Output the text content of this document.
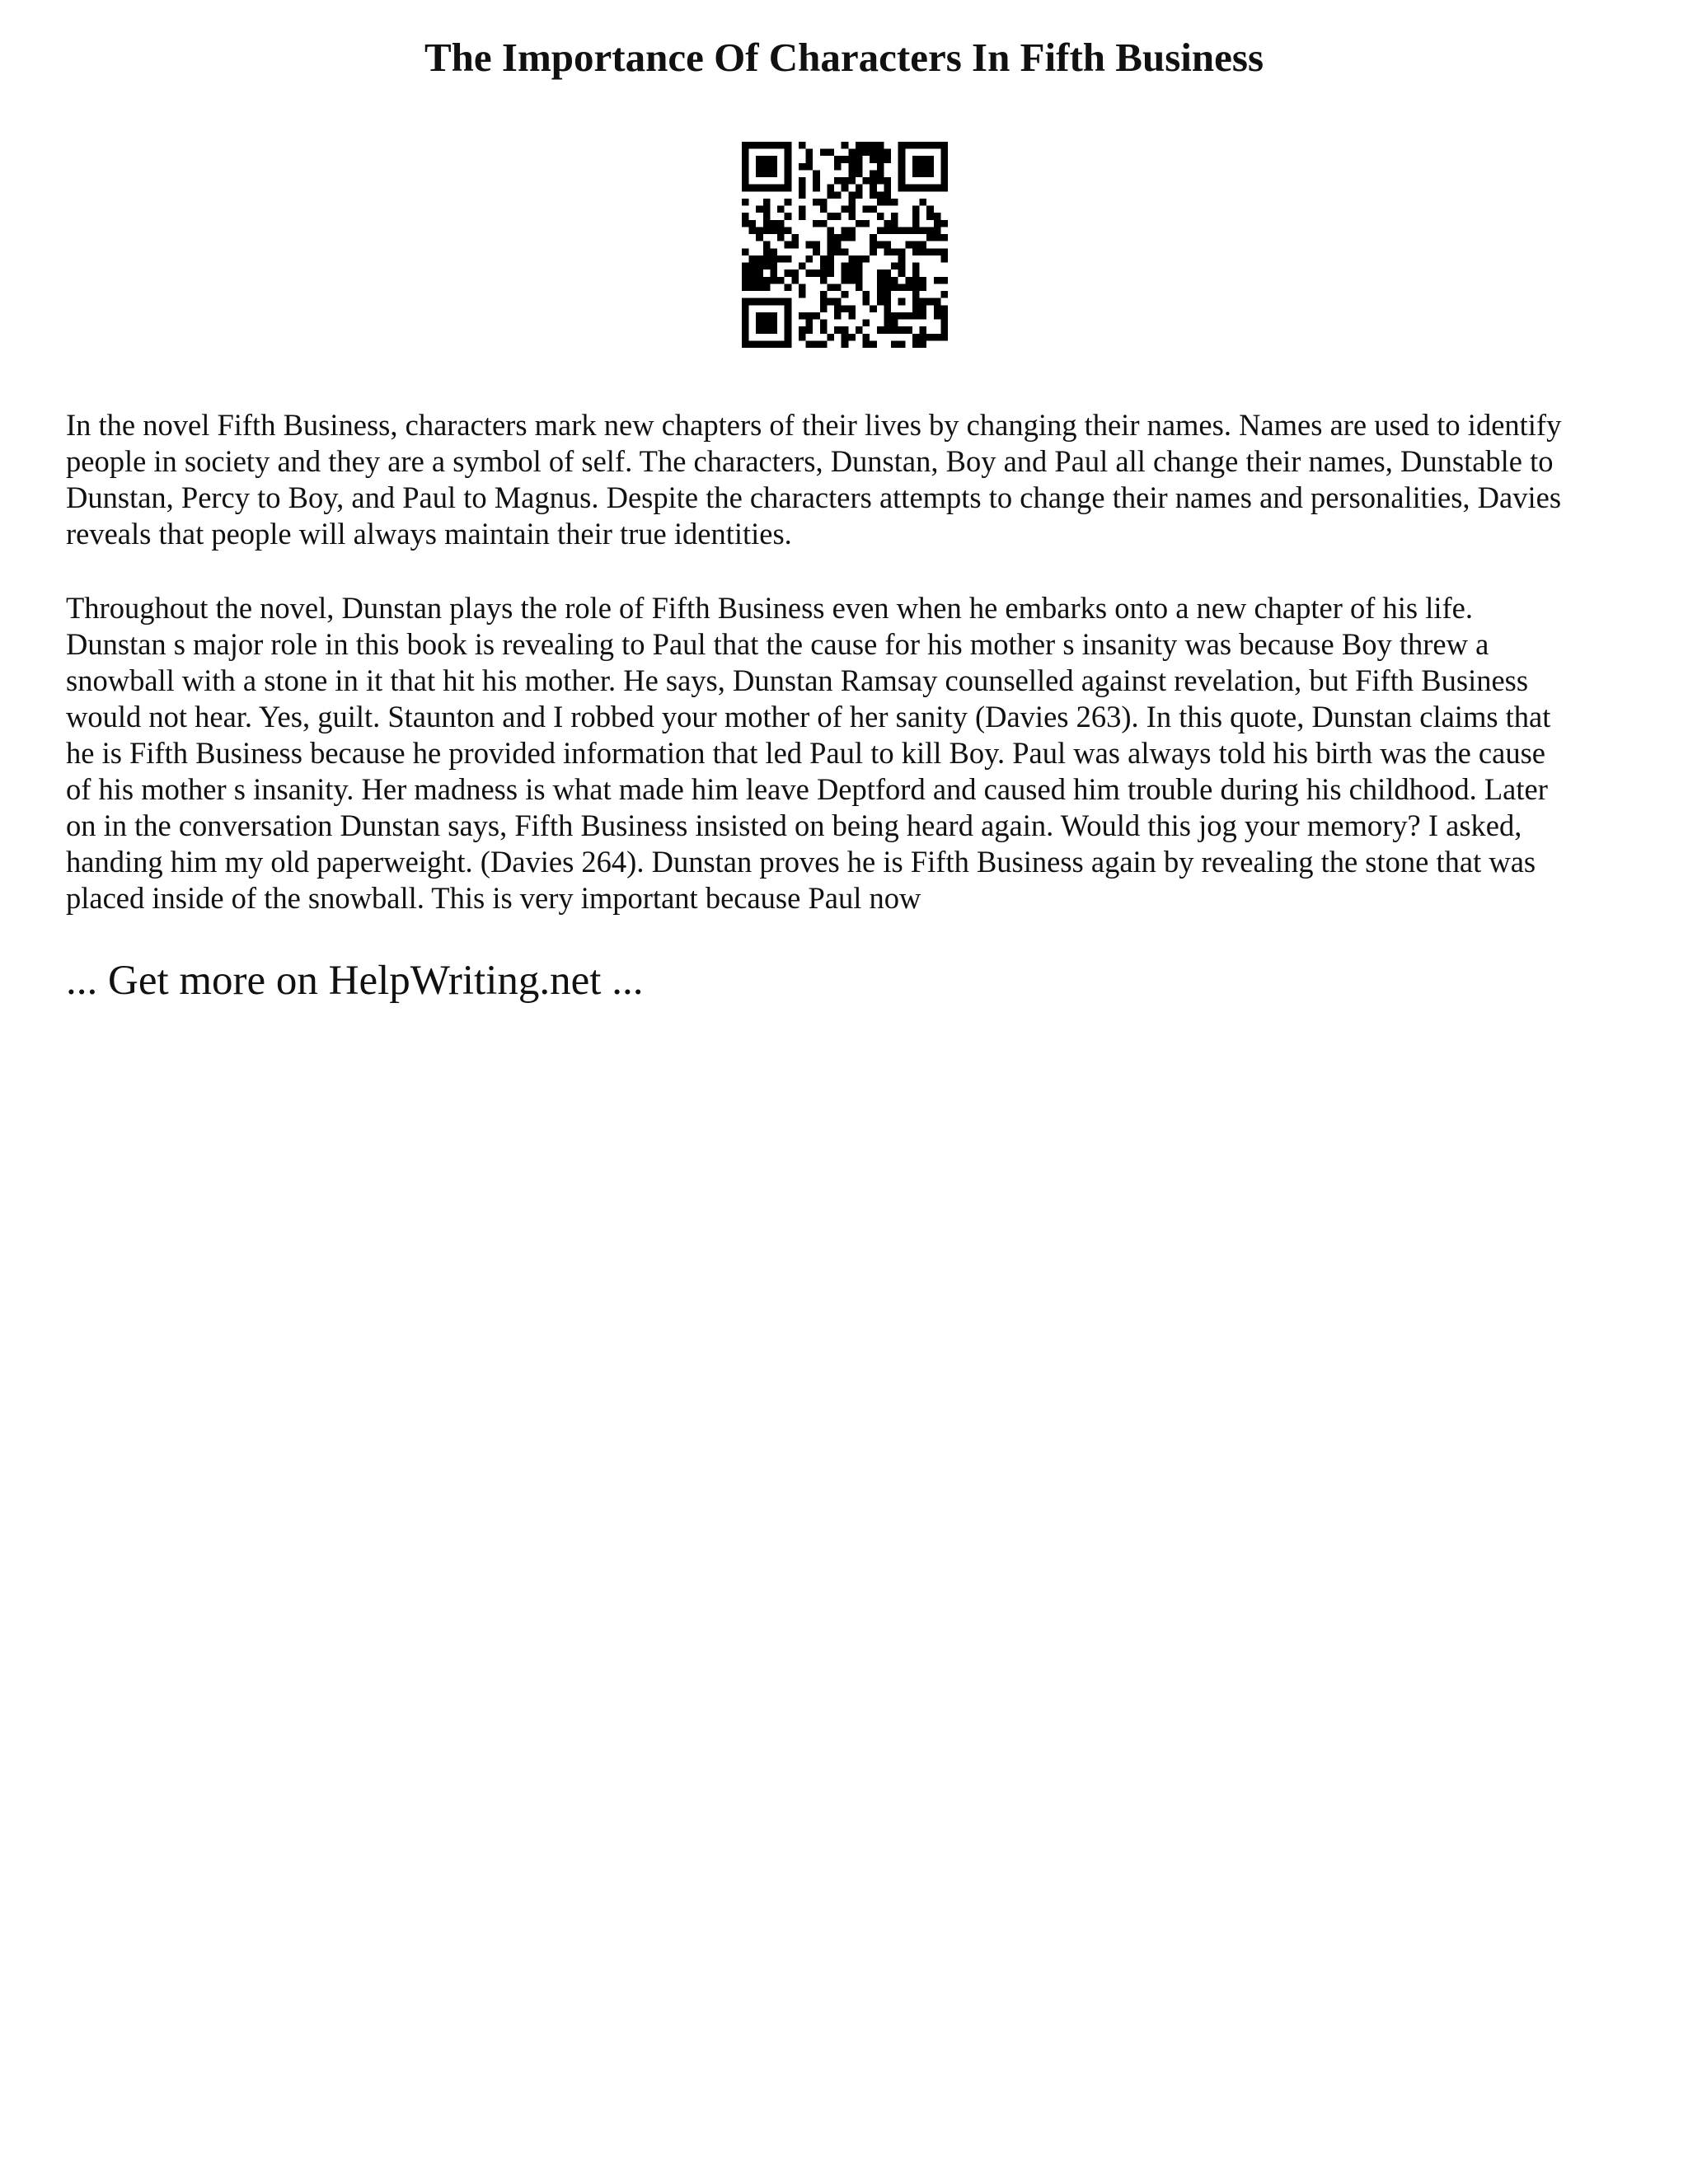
The Importance Of Characters In Fifth Business

In the novel Fifth Business, characters mark new chapters of their lives by changing their names. Names are used to identify
people in society and they are a symbol of self. The characters, Dunstan, Boy and Paul all change their names, Dunstable to
Dunstan, Percy to Boy, and Paul to Magnus. Despite the characters attempts to change their names and personalities, Davies
reveals that people will always maintain their true identities.

Throughout the novel, Dunstan plays the role of Fifth Business even when he embarks onto a new chapter of his life.
Dunstan s major role in this book is revealing to Paul that the cause for his mother s insanity was because Boy threw a
snowball with a stone in it that hit his mother. He says, Dunstan Ramsay counselled against revelation, but Fifth Business
would not hear. Yes, guilt. Staunton and I robbed your mother of her sanity (Davies 263). In this quote, Dunstan claims that
he is Fifth Business because he provided information that led Paul to kill Boy. Paul was always told his birth was the cause
of his mother s insanity. Her madness is what made him leave Deptford and caused him trouble during his childhood. Later
on in the conversation Dunstan says, Fifth Business insisted on being heard again. Would this jog your memory? I asked,
handing him my old paperweight. (Davies 264). Dunstan proves he is Fifth Business again by revealing the stone that was
placed inside of the snowball. This is very important because Paul now

... Get more on HelpWriting.net ...
